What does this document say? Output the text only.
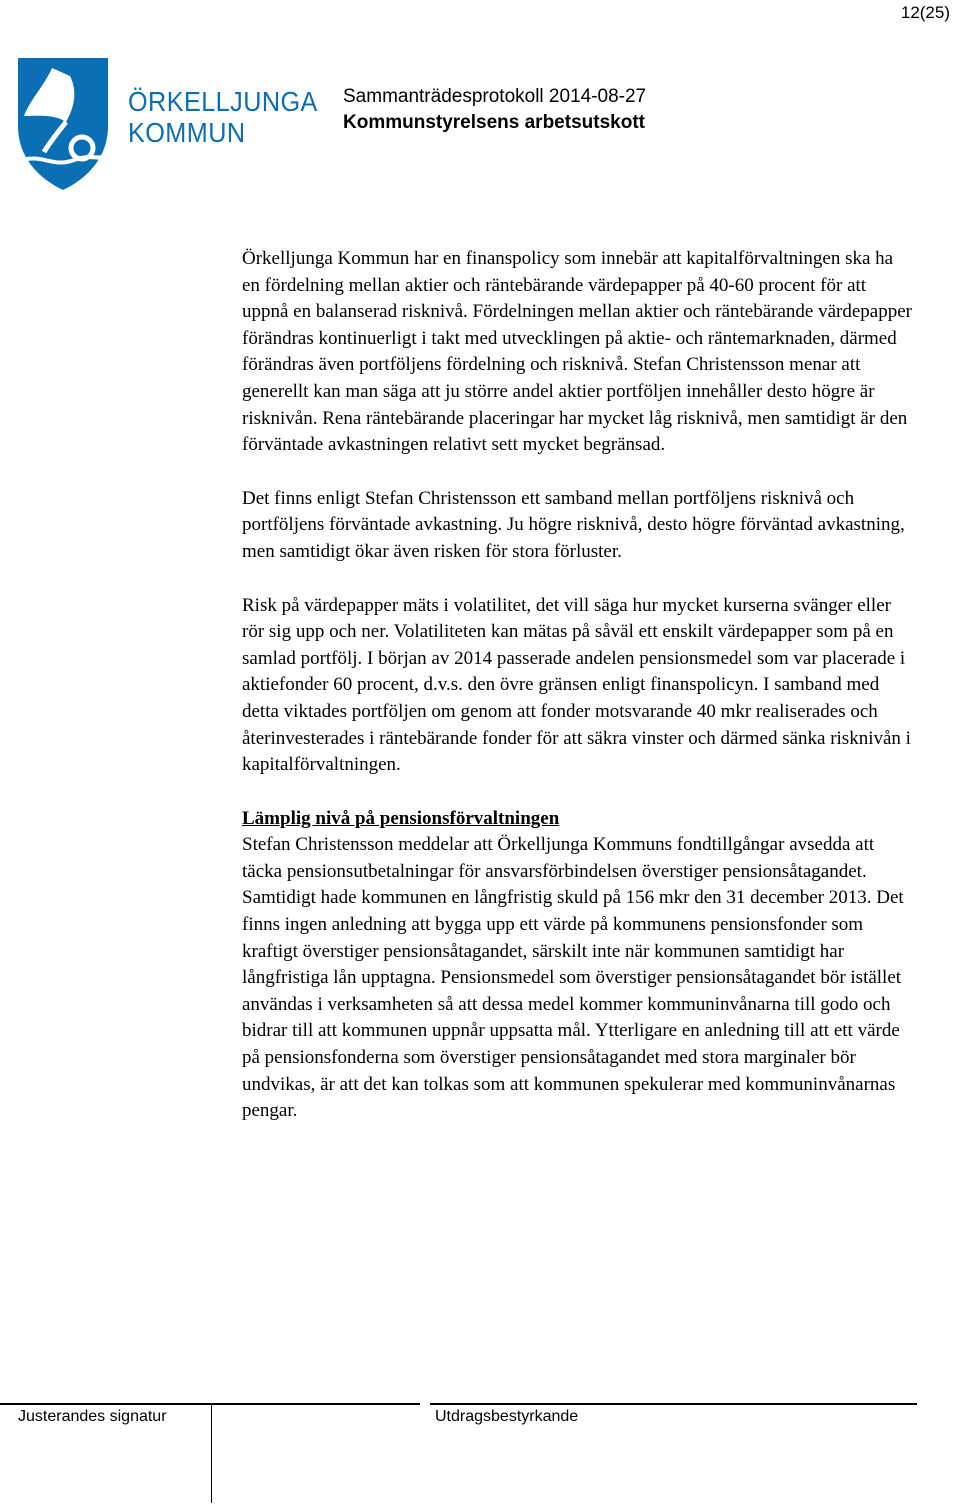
12(25)
ÖRKELLJUNGA
KOMMUN
Sammanträdesprotokoll 2014-08-27
Kommunstyrelsens arbetsutskott

Örkelljunga Kommun har en finanspolicy som innebär att kapitalförvaltningen ska ha en fördelning mellan aktier och räntebärande värdepapper på 40-60 procent för att uppnå en balanserad risknivå. Fördelningen mellan aktier och räntebärande värdepapper förändras kontinuerligt i takt med utvecklingen på aktie- och räntemarknaden, därmed förändras även portföljens fördelning och risknivå. Stefan Christensson menar att generellt kan man säga att ju större andel aktier portföljen innehåller desto högre är risknivån. Rena räntebärande placeringar har mycket låg risknivå, men samtidigt är den förväntade avkastningen relativt sett mycket begränsad.

Det finns enligt Stefan Christensson ett samband mellan portföljens risknivå och portföljens förväntade avkastning. Ju högre risknivå, desto högre förväntad avkastning, men samtidigt ökar även risken för stora förluster.

Risk på värdepapper mäts i volatilitet, det vill säga hur mycket kurserna svänger eller rör sig upp och ner. Volatiliteten kan mätas på såväl ett enskilt värdepapper som på en samlad portfölj. I början av 2014 passerade andelen pensionsmedel som var placerade i aktiefonder 60 procent, d.v.s. den övre gränsen enligt finanspolicyn. I samband med detta viktades portföljen om genom att fonder motsvarande 40 mkr realiserades och återinvesterades i räntebärande fonder för att säkra vinster och därmed sänka risknivån i kapitalförvaltningen.

Lämplig nivå på pensionsförvaltningen
Stefan Christensson meddelar att Örkelljunga Kommuns fondtillgångar avsedda att täcka pensionsutbetalningar för ansvarsförbindelsen överstiger pensionsåtagandet. Samtidigt hade kommunen en långfristig skuld på 156 mkr den 31 december 2013. Det finns ingen anledning att bygga upp ett värde på kommunens pensionsfonder som kraftigt överstiger pensionsåtagandet, särskilt inte när kommunen samtidigt har långfristiga lån upptagna. Pensionsmedel som överstiger pensionsåtagandet bör istället användas i verksamheten så att dessa medel kommer kommuninvånarna till godo och bidrar till att kommunen uppnår uppsatta mål. Ytterligare en anledning till att ett värde på pensionsfonderna som överstiger pensionsåtagandet med stora marginaler bör undvikas, är att det kan tolkas som att kommunen spekulerar med kommuninvånarnas pengar.

Justerandes signatur	Utdragsbestyrkande
